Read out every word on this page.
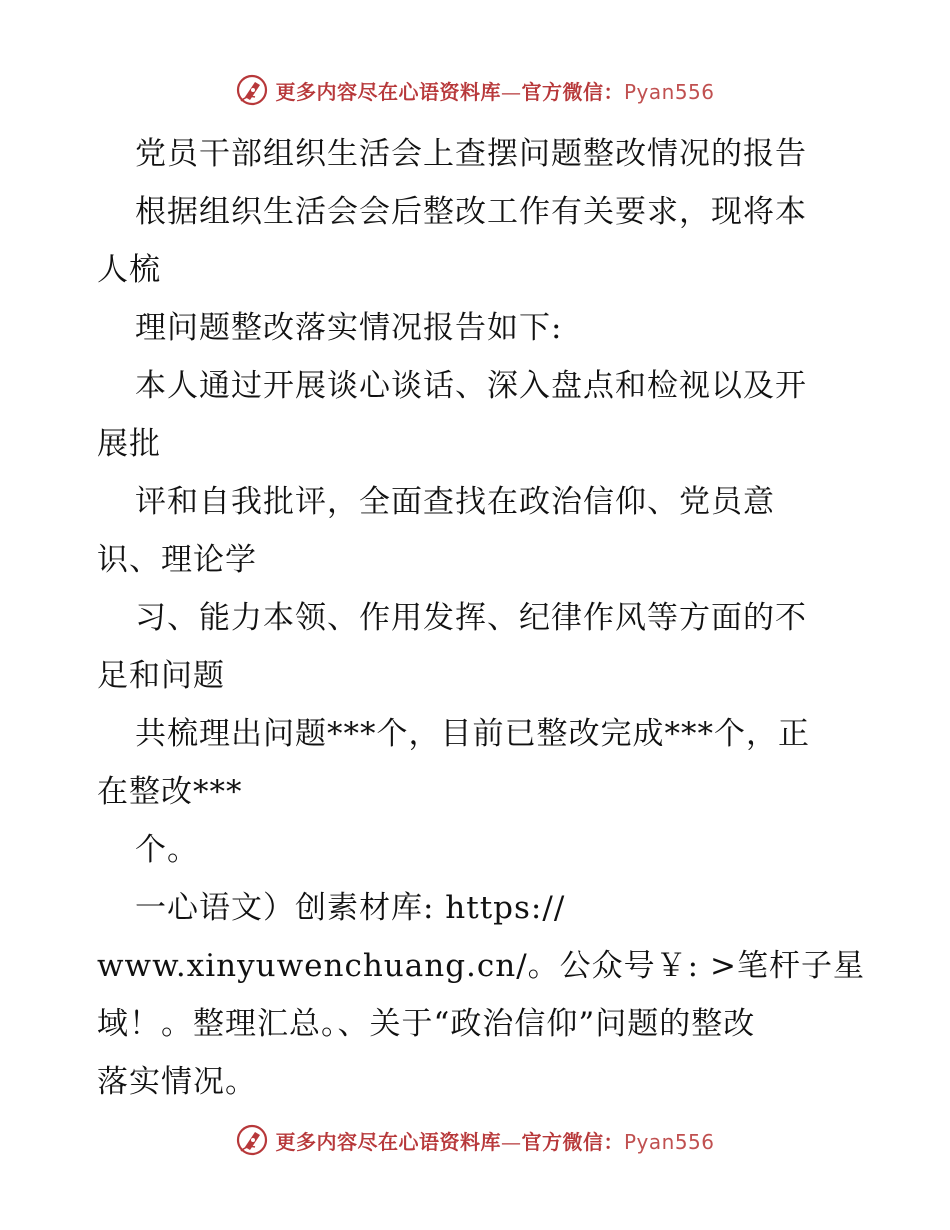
更多内容尽在心语资料库—官方微信：Pyan556
党员干部组织生活会上查摆问题整改情况的报告
根据组织生活会会后整改工作有关要求，现将本
人梳
理问题整改落实情况报告如下:
本人通过开展谈心谈话、深入盘点和检视以及开
展批
评和自我批评，全面查找在政治信仰、党员意
识、理论学
习、能力本领、作用发挥、纪律作风等方面的不
足和问题
共梳理出问题***个，目前已整改完成***个，正
在整改***
个。
一心语文）创素材库: https://
www.xinyuwenchuang.cn/。公众号￥: >笔杆子星
域！。整理汇总。、关于“政治信仰”问题的整改
落实情况。
更多内容尽在心语资料库—官方微信：Pyan556
